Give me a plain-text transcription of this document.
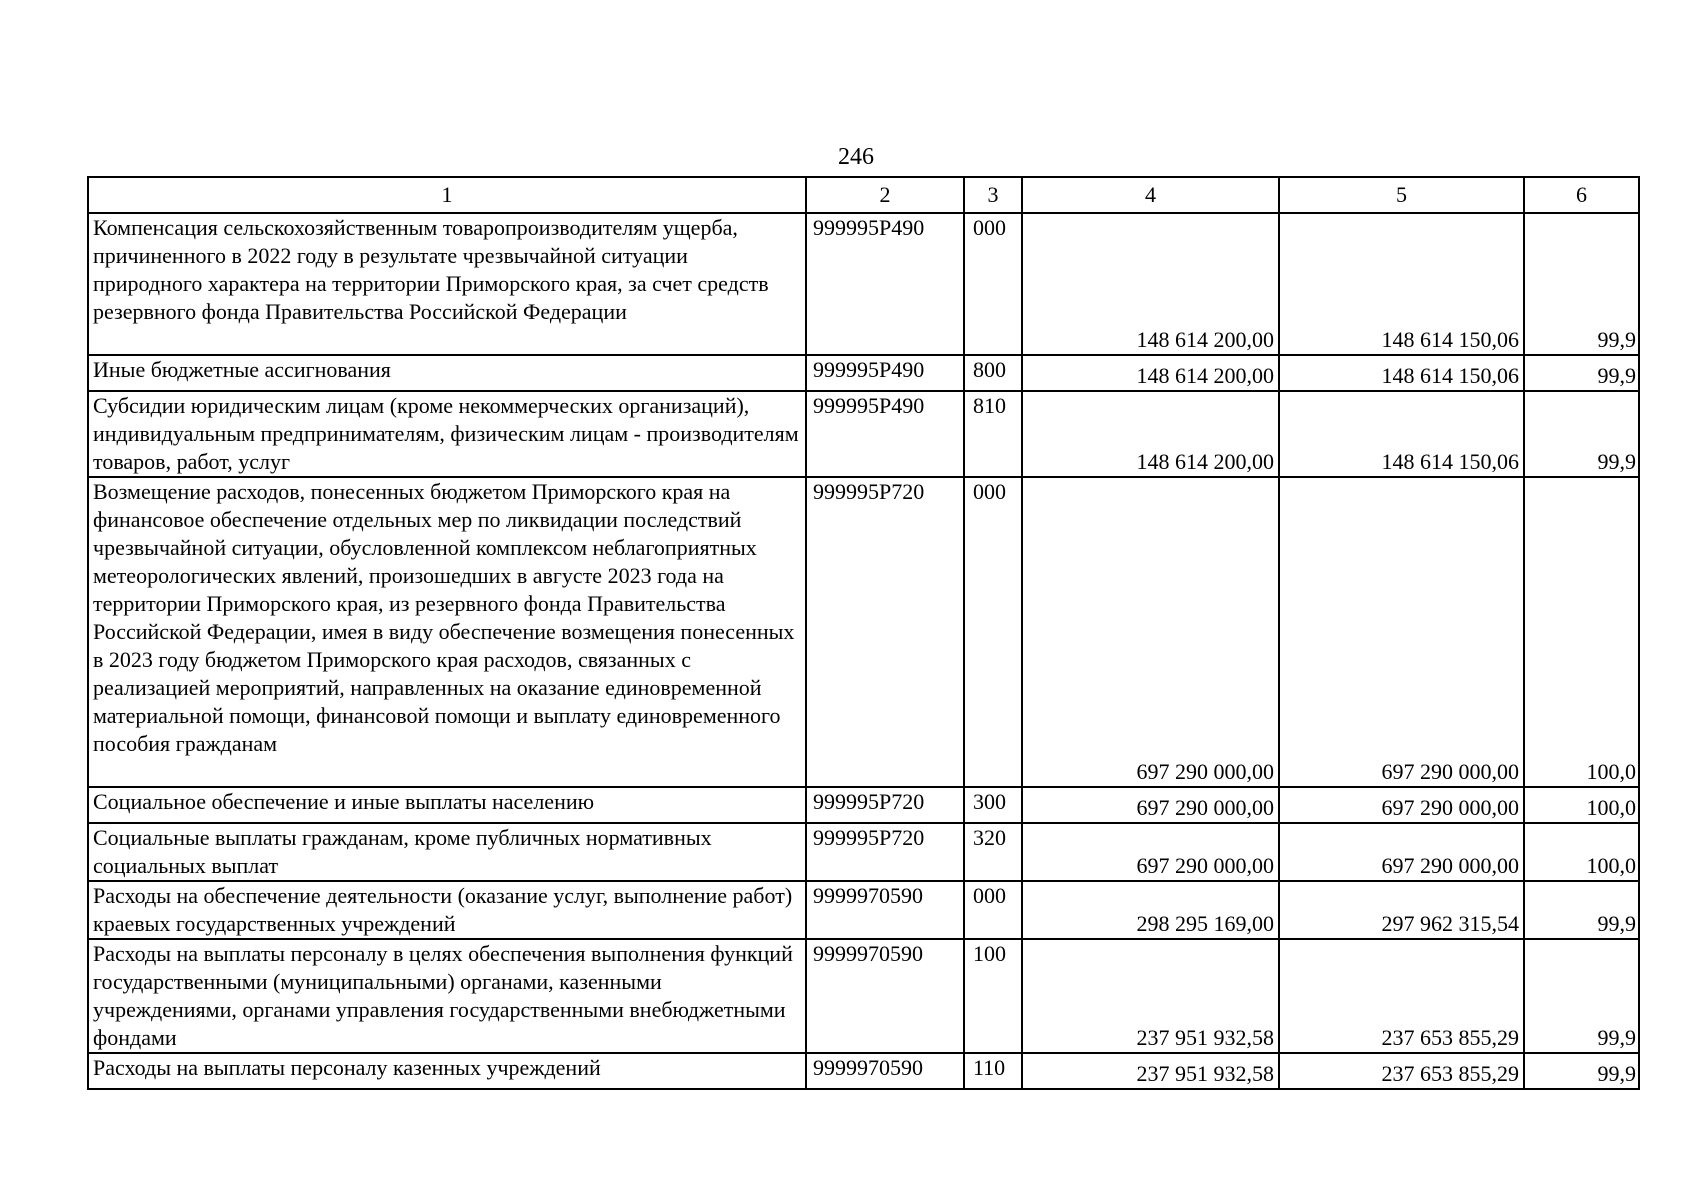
246
1	2	3	4	5	6
Компенсация сельскохозяйственным товаропроизводителям ущерба, причиненного в 2022 году в результате чрезвычайной ситуации природного характера на территории Приморского края, за счет средств резервного фонда Правительства Российской Федерации	999995Р490	000	148 614 200,00	148 614 150,06	99,9
Иные бюджетные ассигнования	999995Р490	800	148 614 200,00	148 614 150,06	99,9
Субсидии юридическим лицам (кроме некоммерческих организаций), индивидуальным предпринимателям, физическим лицам - производителям товаров, работ, услуг	999995Р490	810	148 614 200,00	148 614 150,06	99,9
Возмещение расходов, понесенных бюджетом Приморского края на финансовое обеспечение отдельных мер по ликвидации последствий чрезвычайной ситуации, обусловленной комплексом неблагоприятных метеорологических явлений, произошедших в августе 2023 года на территории Приморского края, из резервного фонда Правительства Российской Федерации, имея в виду обеспечение возмещения понесенных в 2023 году бюджетом Приморского края расходов, связанных с реализацией мероприятий, направленных на оказание единовременной материальной помощи, финансовой помощи и выплату единовременного пособия гражданам	999995Р720	000	697 290 000,00	697 290 000,00	100,0
Социальное обеспечение и иные выплаты населению	999995Р720	300	697 290 000,00	697 290 000,00	100,0
Социальные выплаты гражданам, кроме публичных нормативных социальных выплат	999995Р720	320	697 290 000,00	697 290 000,00	100,0
Расходы на обеспечение деятельности (оказание услуг, выполнение работ) краевых государственных учреждений	9999970590	000	298 295 169,00	297 962 315,54	99,9
Расходы на выплаты персоналу в целях обеспечения выполнения функций государственными (муниципальными) органами, казенными учреждениями, органами управления государственными внебюджетными фондами	9999970590	100	237 951 932,58	237 653 855,29	99,9
Расходы на выплаты персоналу казенных учреждений	9999970590	110	237 951 932,58	237 653 855,29	99,9
